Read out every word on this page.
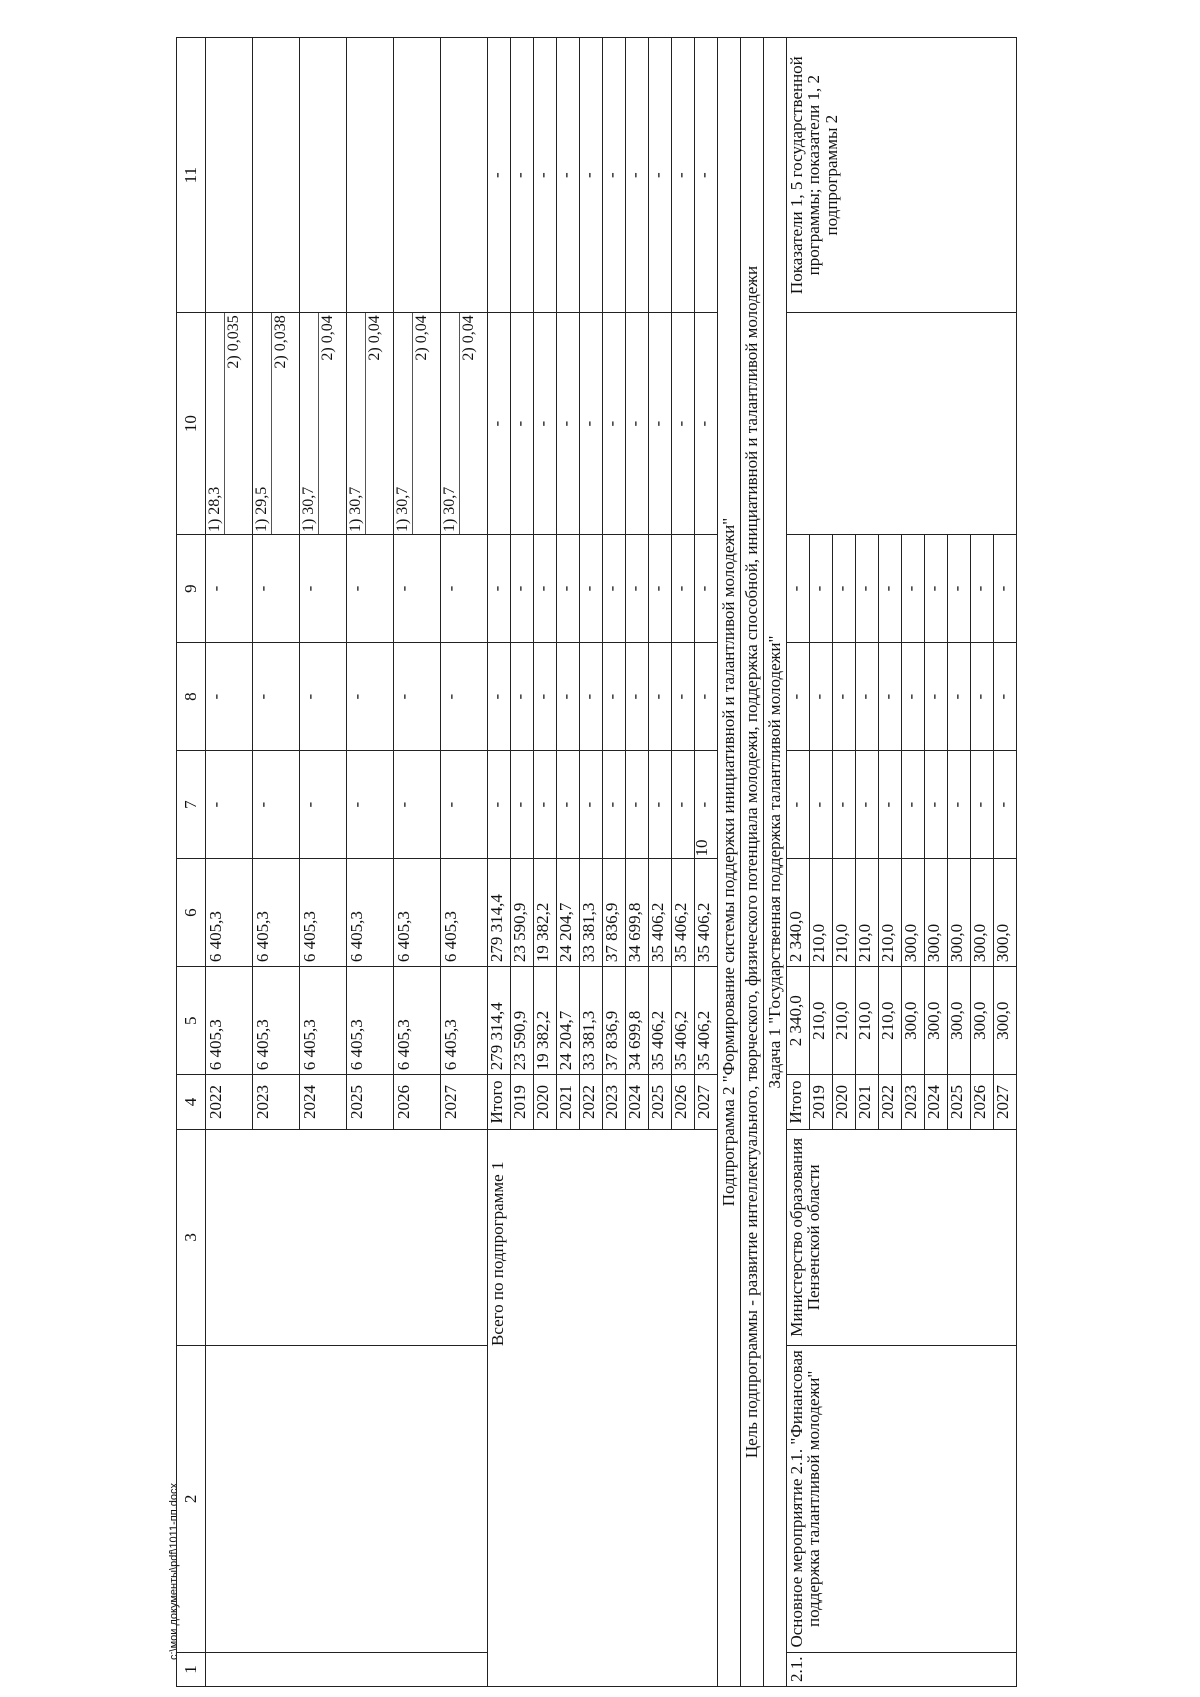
10
c:\мои документы\pdf\1011-пп.docx
1	2	3	4	5	6	7	8	9	10	11
			2022	6 405,3	6 405,3	-	-	-	1) 28,3
2) 0,035	

			2023	6 405,3	6 405,3	-	-	-	1) 29,5
2) 0,038	

			2024	6 405,3	6 405,3	-	-	-	1) 30,7
2) 0,04	

			2025	6 405,3	6 405,3	-	-	-	1) 30,7
2) 0,04	

			2026	6 405,3	6 405,3	-	-	-	1) 30,7
2) 0,04	

			2027	6 405,3	6 405,3	-	-	-	1) 30,7
2) 0,04	

Всего по подпрограмме 1			Итого	279 314,4	279 314,4	-	-	-	-	-
			2019	23 590,9	23 590,9	-	-	-	-	-
			2020	19 382,2	19 382,2	-	-	-	-	-
			2021	24 204,7	24 204,7	-	-	-	-	-
			2022	33 381,3	33 381,3	-	-	-	-	-
			2023	37 836,9	37 836,9	-	-	-	-	-
			2024	34 699,8	34 699,8	-	-	-	-	-
			2025	35 406,2	35 406,2	-	-	-	-	-
			2026	35 406,2	35 406,2	-	-	-	-	-
			2027	35 406,2	35 406,2	-	-	-	-	-
Подпрограмма 2 "Формирование системы поддержки инициативной и талантливой молодежи"										
Цель подпрограммы - развитие интеллектуального, творческого, физического потенциала молодежи, поддержка способной, инициативной и талантливой молодежи										
Задача 1 "Государственная поддержка талантливой молодежи"										
2.1.	Основное мероприятие 2.1. "Финансовая поддержка талантливой молодежи"	Министерство образования Пензенской области	Итого	2 340,0	2 340,0	-	-	-		Показатели 1, 5 государственной программы; показатели 1, 2 подпрограммы 2
			2019	210,0	210,0	-	-	-		
			2020	210,0	210,0	-	-	-		
			2021	210,0	210,0	-	-	-		
			2022	210,0	210,0	-	-	-		
			2023	300,0	300,0	-	-	-		
			2024	300,0	300,0	-	-	-		
			2025	300,0	300,0	-	-	-		
			2026	300,0	300,0	-	-	-		
			2027	300,0	300,0	-	-	-		
